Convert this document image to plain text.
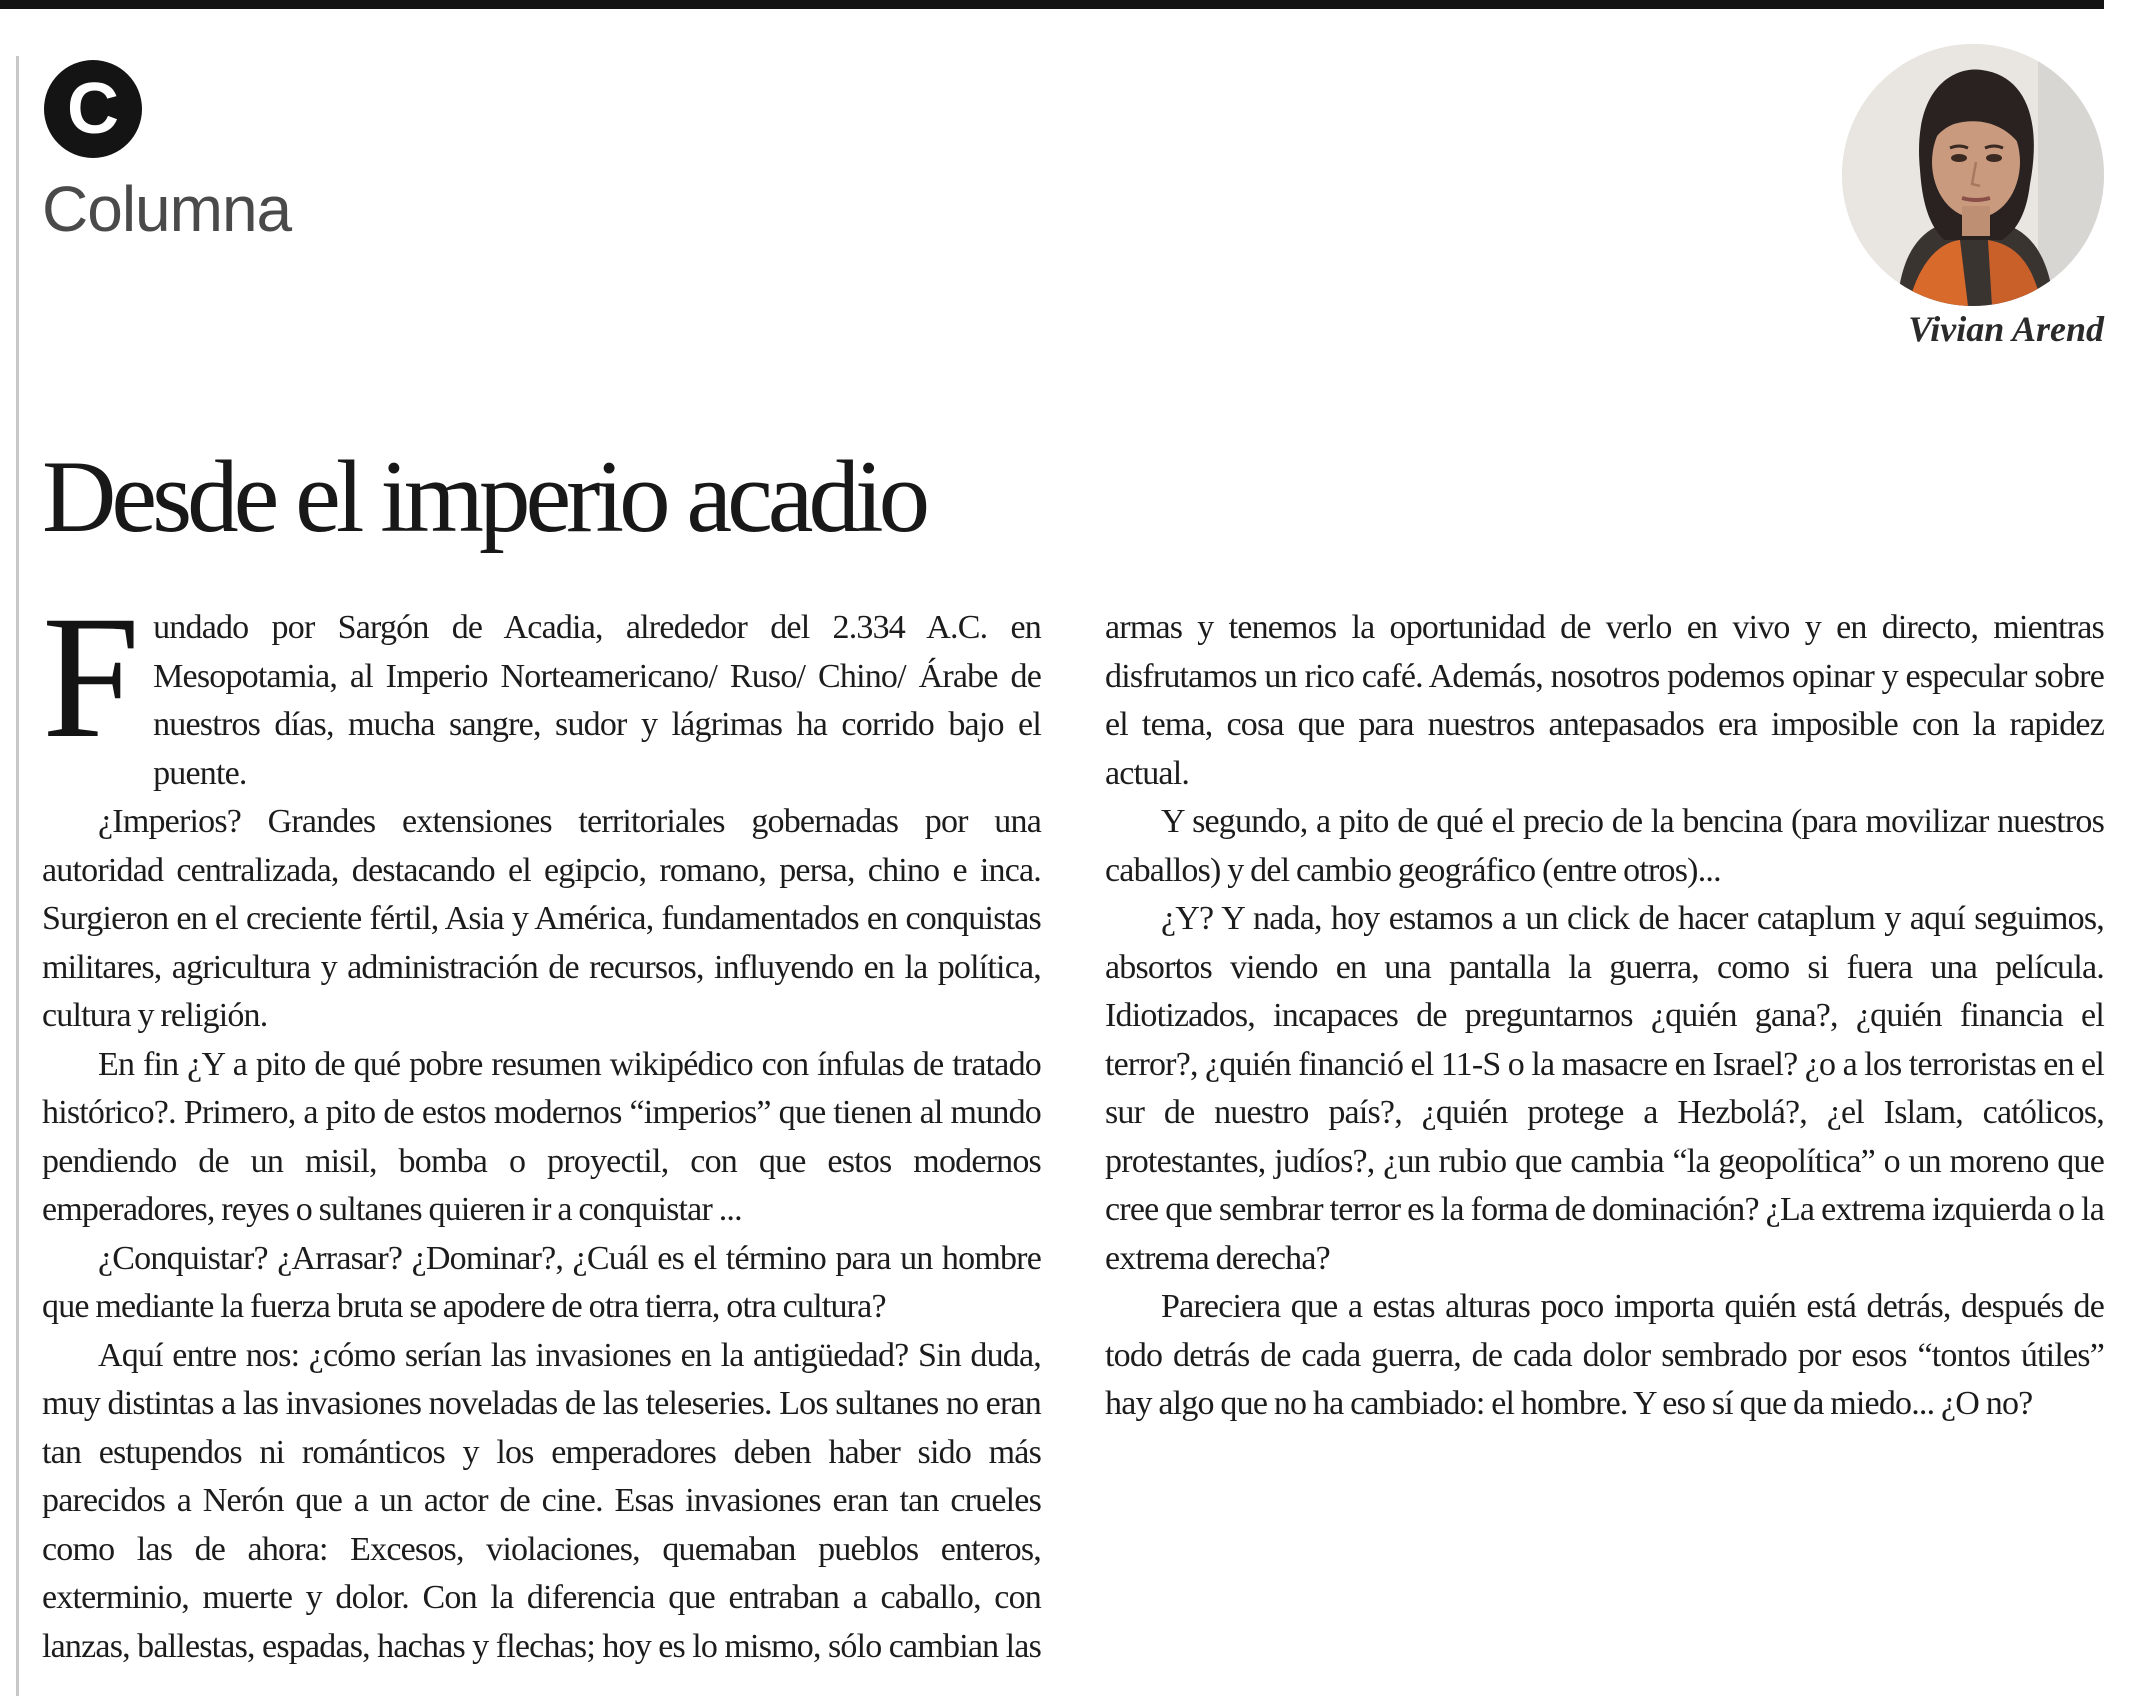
C
Columna
Vivian Arend
Desde el imperio acadio

Fundado por Sargón de Acadia, alrededor del 2.334 A.C. en Mesopotamia, al Imperio Norteamericano/ Ruso/ Chino/ Árabe de nuestros días, mucha sangre, sudor y lágrimas ha corrido bajo el puente.

¿Imperios? Grandes extensiones territoriales gobernadas por una autoridad centralizada, destacando el egipcio, romano, persa, chino e inca. Surgieron en el creciente fértil, Asia y América, fundamentados en conquistas militares, agricultura y administración de recursos, influyendo en la política, cultura y religión.

En fin ¿Y a pito de qué pobre resumen wikipédico con ínfulas de tratado histórico?. Primero, a pito de estos modernos “imperios” que tienen al mundo pendiendo de un misil, bomba o proyectil, con que estos modernos emperadores, reyes o sultanes quieren ir a conquistar ...

¿Conquistar? ¿Arrasar? ¿Dominar?, ¿Cuál es el término para un hombre que mediante la fuerza bruta se apodere de otra tierra, otra cultura?

Aquí entre nos: ¿cómo serían las invasiones en la antigüedad? Sin duda, muy distintas a las invasiones noveladas de las teleseries. Los sultanes no eran tan estupendos ni románticos y los emperadores deben haber sido más parecidos a Nerón que a un actor de cine. Esas invasiones eran tan crueles como las de ahora: Excesos, violaciones, quemaban pueblos enteros, exterminio, muerte y dolor. Con la diferencia que entraban a caballo, con lanzas, ballestas, espadas, hachas y flechas; hoy es lo mismo, sólo cambian las armas y tenemos la oportunidad de verlo en vivo y en directo, mientras disfrutamos un rico café. Además, nosotros podemos opinar y especular sobre el tema, cosa que para nuestros antepasados era imposible con la rapidez actual.

Y segundo, a pito de qué el precio de la bencina (para movilizar nuestros caballos) y del cambio geográfico (entre otros)...

¿Y? Y nada, hoy estamos a un click de hacer cataplum y aquí seguimos, absortos viendo en una pantalla la guerra, como si fuera una película. Idiotizados, incapaces de preguntarnos ¿quién gana?, ¿quién financia el terror?, ¿quién financió el 11-S o la masacre en Israel? ¿o a los terroristas en el sur de nuestro país?, ¿quién protege a Hezbolá?, ¿el Islam, católicos, protestantes, judíos?, ¿un rubio que cambia “la geopolítica” o un moreno que cree que sembrar terror es la forma de dominación? ¿La extrema izquierda o la extrema derecha?

Pareciera que a estas alturas poco importa quién está detrás, después de todo detrás de cada guerra, de cada dolor sembrado por esos “tontos útiles” hay algo que no ha cambiado: el hombre. Y eso sí que da miedo... ¿O no?
